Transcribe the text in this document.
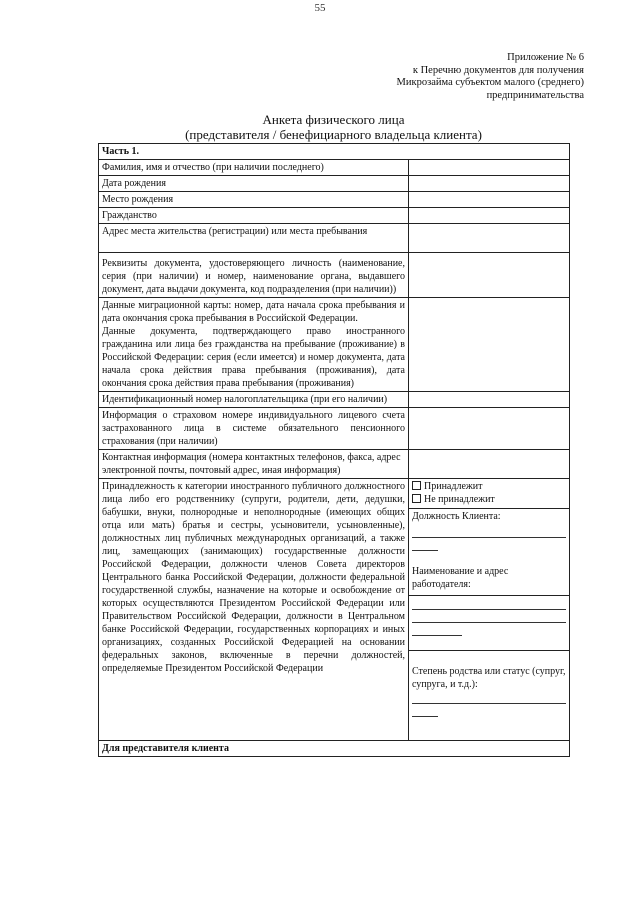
55
Приложение № 6
к Перечню документов для получения
Микрозайма субъектом малого (среднего)
предпринимательства
Анкета физического лица
(представителя / бенефициарного владельца клиента)
Часть 1.	
Фамилия, имя и отчество (при наличии последнего)	
Дата рождения	
Место рождения	
Гражданство	
Адрес места жительства (регистрации) или места пребывания	
Реквизиты документа, удостоверяющего личность (наименование, серия (при наличии) и номер, наименование органа, выдавшего документ, дата выдачи документа, код подразделения (при наличии))	

Данные миграционной карты: номер, дата начала срока пребывания и дата окончания срока пребывания в Российской Федерации.
Данные документа, подтверждающего право иностранного гражданина или лица без гражданства на пребывание (проживание) в Российской Федерации: серия (если имеется) и номер документа, дата начала срока действия права пребывания (проживания), дата окончания срока действия права пребывания (проживания)	

Идентификационный номер налогоплательщика (при его наличии)	
Информация о страховом номере индивидуального лицевого счета застрахованного лица в системе обязательного пенсионного страхования (при наличии)	
Контактная информация (номера контактных телефонов, факса, адрес электронной почты, почтовый адрес, иная информация)	
Принадлежность к категории иностранного публичного должностного лица либо его родственнику (супруги, родители, дети, дедушки, бабушки, внуки, полнородные и неполнородные (имеющих общих отца или мать) братья и сестры, усыновители, усыновленные), должностных лиц публичных международных организаций, а также лиц, замещающих (занимающих) государственные должности Российской Федерации, должности членов Совета директоров Центрального банка Российской Федерации, должности федеральной государственной службы, назначение на которые и освобождение от которых осуществляются Президентом Российской Федерации или Правительством Российской Федерации, должности в Центральном банке Российской Федерации, государственных корпорациях и иных организациях, созданных Российской Федерацией на основании федеральных законов, включенные в перечни должностей, определяемые Президентом Российской Федерации	Принадлежит
Не принадлежит

	Должность Клиента:
Наименование и адрес работодателя:

	Степень родства или статус (супруг, супруга, и т.д.):

Для представителя клиента	
